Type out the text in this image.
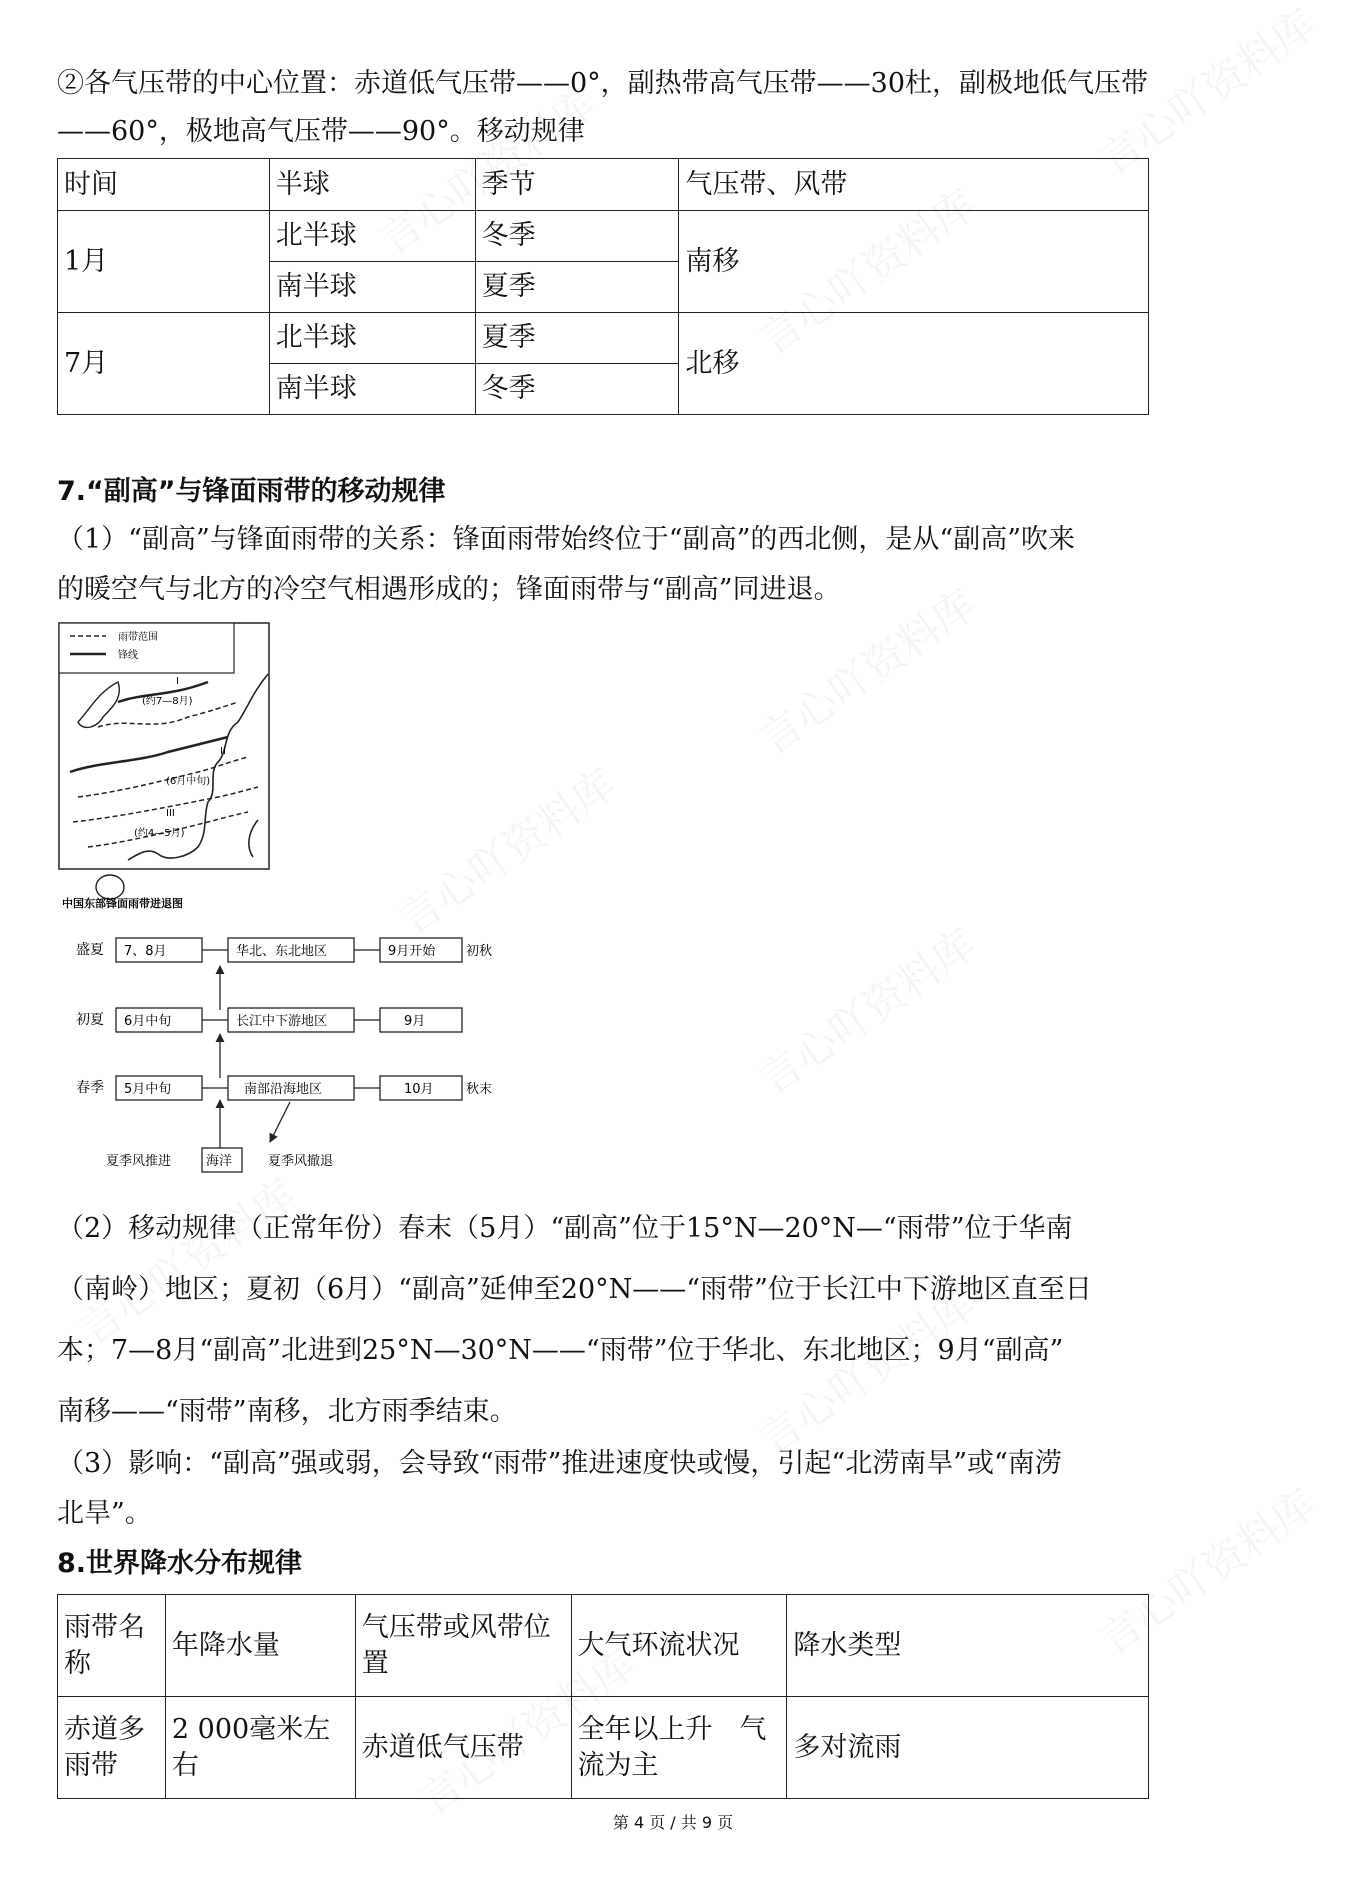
②各气压带的中心位置：赤道低气压带——0°，副热带高气压带——30杜，副极地低气压带

——60°，极地高气压带——90°。移动规律

时间	半球	季节	气压带、风带
1月	北半球	冬季	南移
	南半球	夏季	
7月	北半球	夏季	北移
	南半球	冬季	

7.“副高”与锋面雨带的移动规律

（1）“副高”与锋面雨带的关系：锋面雨带始终位于“副高”的西北侧，是从“副高”吹来

的暖空气与北方的冷空气相遇形成的；锋面雨带与“副高”同进退。

雨带范围
锋线
I
(约7—8月)
II
(6月中旬)
III
(约4—5月)
中国东部锋面雨带进退图
盛夏 7、8月	华北、东北地区	9月开始 初秋
初夏 6月中旬	长江中下游地区	9月
春季 5月中旬	南部沿海地区	10月 秋末
海洋
夏季风推进	夏季风撤退

（2）移动规律（正常年份）春末（5月）“副高”位于15°N—20°N—“雨带”位于华南

（南岭）地区；夏初（6月）“副高”延伸至20°N——“雨带”位于长江中下游地区直至日

本；7—8月“副高”北进到25°N—30°N——“雨带”位于华北、东北地区；9月“副高”

南移——“雨带”南移，北方雨季结束。

（3）影响：“副高”强或弱，会导致“雨带”推进速度快或慢，引起“北涝南旱”或“南涝

北旱”。

8.世界降水分布规律

雨带名称	年降水量	气压带或风带位置	大气环流状况	降水类型
赤道多雨带	2 000毫米左右	赤道低气压带	全年以上升　气流为主	多对流雨
第 4 页 / 共 9 页
